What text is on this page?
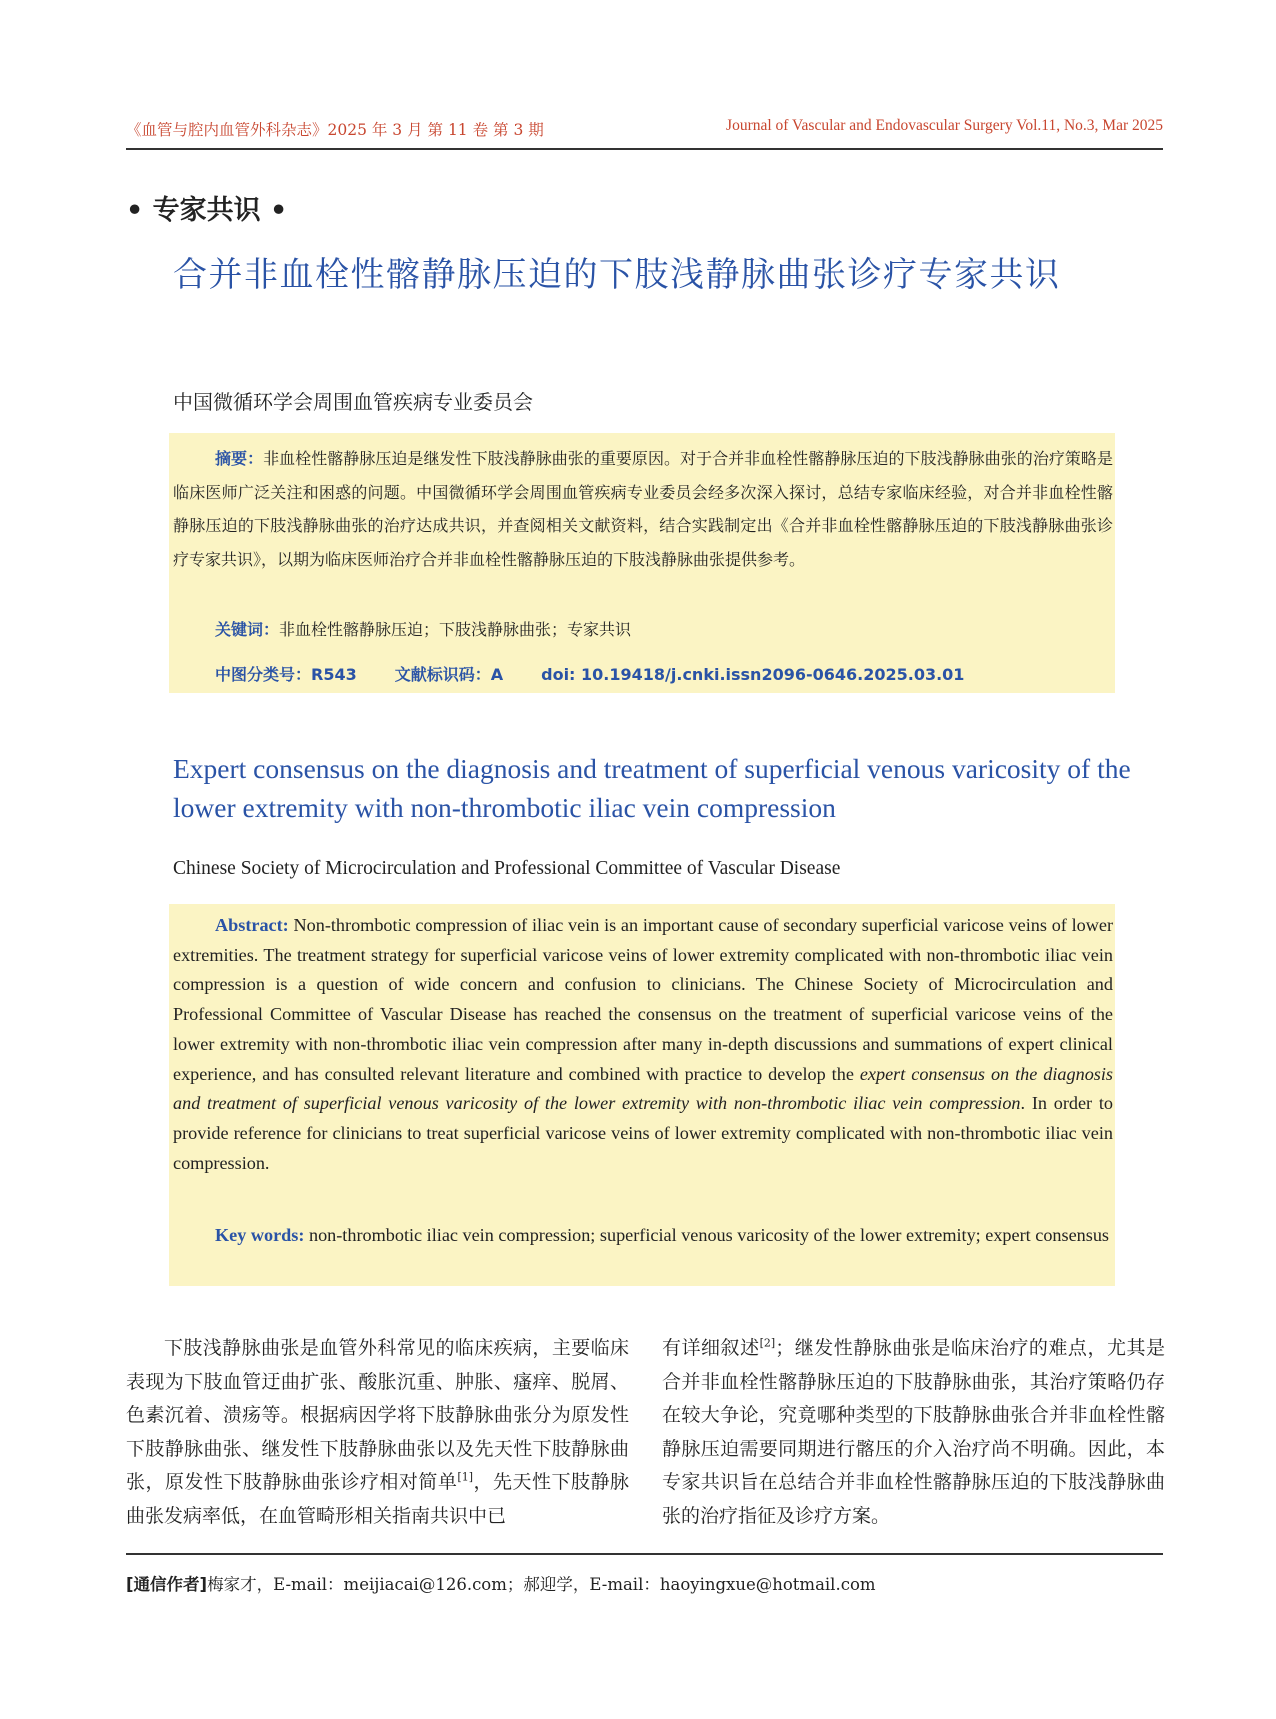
《血管与腔内血管外科杂志》2025 年 3 月 第 11 卷 第 3 期	Journal of Vascular and Endovascular Surgery Vol.11, No.3, Mar 2025
• 专家共识 •
合并非血栓性髂静脉压迫的下肢浅静脉曲张诊疗专家共识
中国微循环学会周围血管疾病专业委员会
摘要：非血栓性髂静脉压迫是继发性下肢浅静脉曲张的重要原因。对于合并非血栓性髂静脉压迫的下肢浅静脉曲张的治疗策略是临床医师广泛关注和困惑的问题。中国微循环学会周围血管疾病专业委员会经多次深入探讨，总结专家临床经验，对合并非血栓性髂静脉压迫的下肢浅静脉曲张的治疗达成共识，并查阅相关文献资料，结合实践制定出《合并非血栓性髂静脉压迫的下肢浅静脉曲张诊疗专家共识》，以期为临床医师治疗合并非血栓性髂静脉压迫的下肢浅静脉曲张提供参考。
关键词：非血栓性髂静脉压迫；下肢浅静脉曲张；专家共识
中图分类号：R543 文献标识码：A doi: 10.19418/j.cnki.issn2096-0646.2025.03.01
Expert consensus on the diagnosis and treatment of superficial venous varicosity of the lower extremity with non-thrombotic iliac vein compression
Chinese Society of Microcirculation and Professional Committee of Vascular Disease
Abstract: Non-thrombotic compression of iliac vein is an important cause of secondary superficial varicose veins of lower extremities. The treatment strategy for superficial varicose veins of lower extremity complicated with non-thrombotic iliac vein compression is a question of wide concern and confusion to clinicians. The Chinese Society of Microcirculation and Professional Committee of Vascular Disease has reached the consensus on the treatment of superficial varicose veins of the lower extremity with non-thrombotic iliac vein compression after many in-depth discussions and summations of expert clinical experience, and has consulted relevant literature and combined with practice to develop the expert consensus on the diagnosis and treatment of superficial venous varicosity of the lower extremity with non-thrombotic iliac vein compression. In order to provide reference for clinicians to treat superficial varicose veins of lower extremity complicated with non-thrombotic iliac vein compression.
Key words: non-thrombotic iliac vein compression; superficial venous varicosity of the lower extremity; expert consensus

下肢浅静脉曲张是血管外科常见的临床疾病，主要临床表现为下肢血管迂曲扩张、酸胀沉重、肿胀、瘙痒、脱屑、色素沉着、溃疡等。根据病因学将下肢静脉曲张分为原发性下肢静脉曲张、继发性下肢静脉曲张以及先天性下肢静脉曲张，原发性下肢静脉曲张诊疗相对简单[1]，先天性下肢静脉曲张发病率低，在血管畸形相关指南共识中已

有详细叙述[2]；继发性静脉曲张是临床治疗的难点，尤其是合并非血栓性髂静脉压迫的下肢静脉曲张，其治疗策略仍存在较大争论，究竟哪种类型的下肢静脉曲张合并非血栓性髂静脉压迫需要同期进行髂压的介入治疗尚不明确。因此，本专家共识旨在总结合并非血栓性髂静脉压迫的下肢浅静脉曲张的治疗指征及诊疗方案。

[通信作者]梅家才，E-mail：meijiacai@126.com；郝迎学，E-mail：haoyingxue@hotmail.com
